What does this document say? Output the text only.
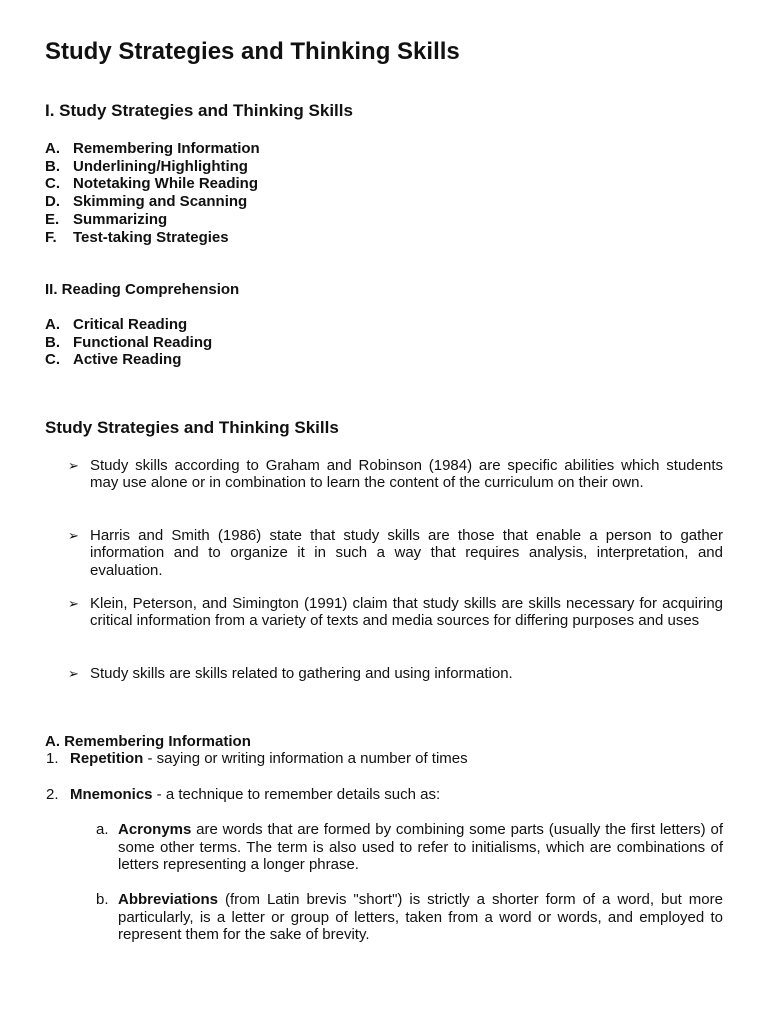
Study Strategies and Thinking Skills
I. Study Strategies and Thinking Skills
A. Remembering Information
B. Underlining/Highlighting
C. Notetaking While Reading
D. Skimming and Scanning
E. Summarizing
F. Test-taking Strategies
II. Reading Comprehension
A. Critical Reading
B. Functional Reading
C. Active Reading
Study Strategies and Thinking Skills
➢ Study skills according to Graham and Robinson (1984) are specific abilities which students may use alone or in combination to learn the content of the curriculum on their own.
➢ Harris and Smith (1986) state that study skills are those that enable a person to gather information and to organize it in such a way that requires analysis, interpretation, and evaluation.
➢ Klein, Peterson, and Simington (1991) claim that study skills are skills necessary for acquiring critical information from a variety of texts and media sources for differing purposes and uses
➢ Study skills are skills related to gathering and using information.
A. Remembering Information
1. Repetition - saying or writing information a number of times
2. Mnemonics - a technique to remember details such as:
a. Acronyms are words that are formed by combining some parts (usually the first letters) of some other terms. The term is also used to refer to initialisms, which are combinations of letters representing a longer phrase.
b. Abbreviations (from Latin brevis "short") is strictly a shorter form of a word, but more particularly, is a letter or group of letters, taken from a word or words, and employed to represent them for the sake of brevity.
